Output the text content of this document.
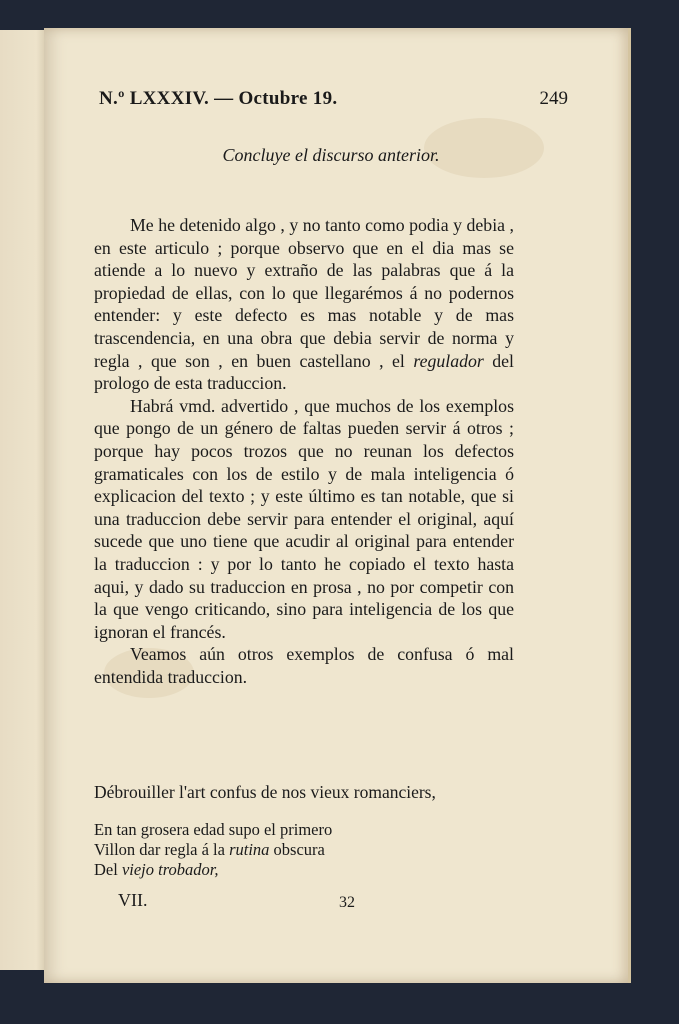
N.º LXXXIV. — Octubre 19.	249
Concluye el discurso anterior.

Me he detenido algo , y no tanto como podia y debia , en este articulo ; porque observo que en el dia mas se atiende a lo nuevo y extraño de las palabras que á la propiedad de ellas, con lo que llegarémos á no podernos entender: y este defecto es mas notable y de mas trascendencia, en una obra que debia servir de norma y regla , que son , en buen castellano , el regulador del prologo de esta traduccion.

Habrá vmd. advertido , que muchos de los exemplos que pongo de un género de faltas pueden servir á otros ; porque hay pocos trozos que no reunan los defectos gramaticales con los de estilo y de mala inteligencia ó explicacion del texto ; y este último es tan notable, que si una traduccion debe servir para entender el original, aquí sucede que uno tiene que acudir al original para entender la traduccion : y por lo tanto he copiado el texto hasta aqui, y dado su traduccion en prosa , no por competir con la que vengo criticando, sino para inteligencia de los que ignoran el francés.

Veamos aún otros exemplos de confusa ó mal entendida traduccion.

Débrouiller l'art confus de nos vieux romanciers,
En tan grosera edad supo el primero
Villon dar regla á la rutina obscura
Del viejo trobador,
VII.	32
